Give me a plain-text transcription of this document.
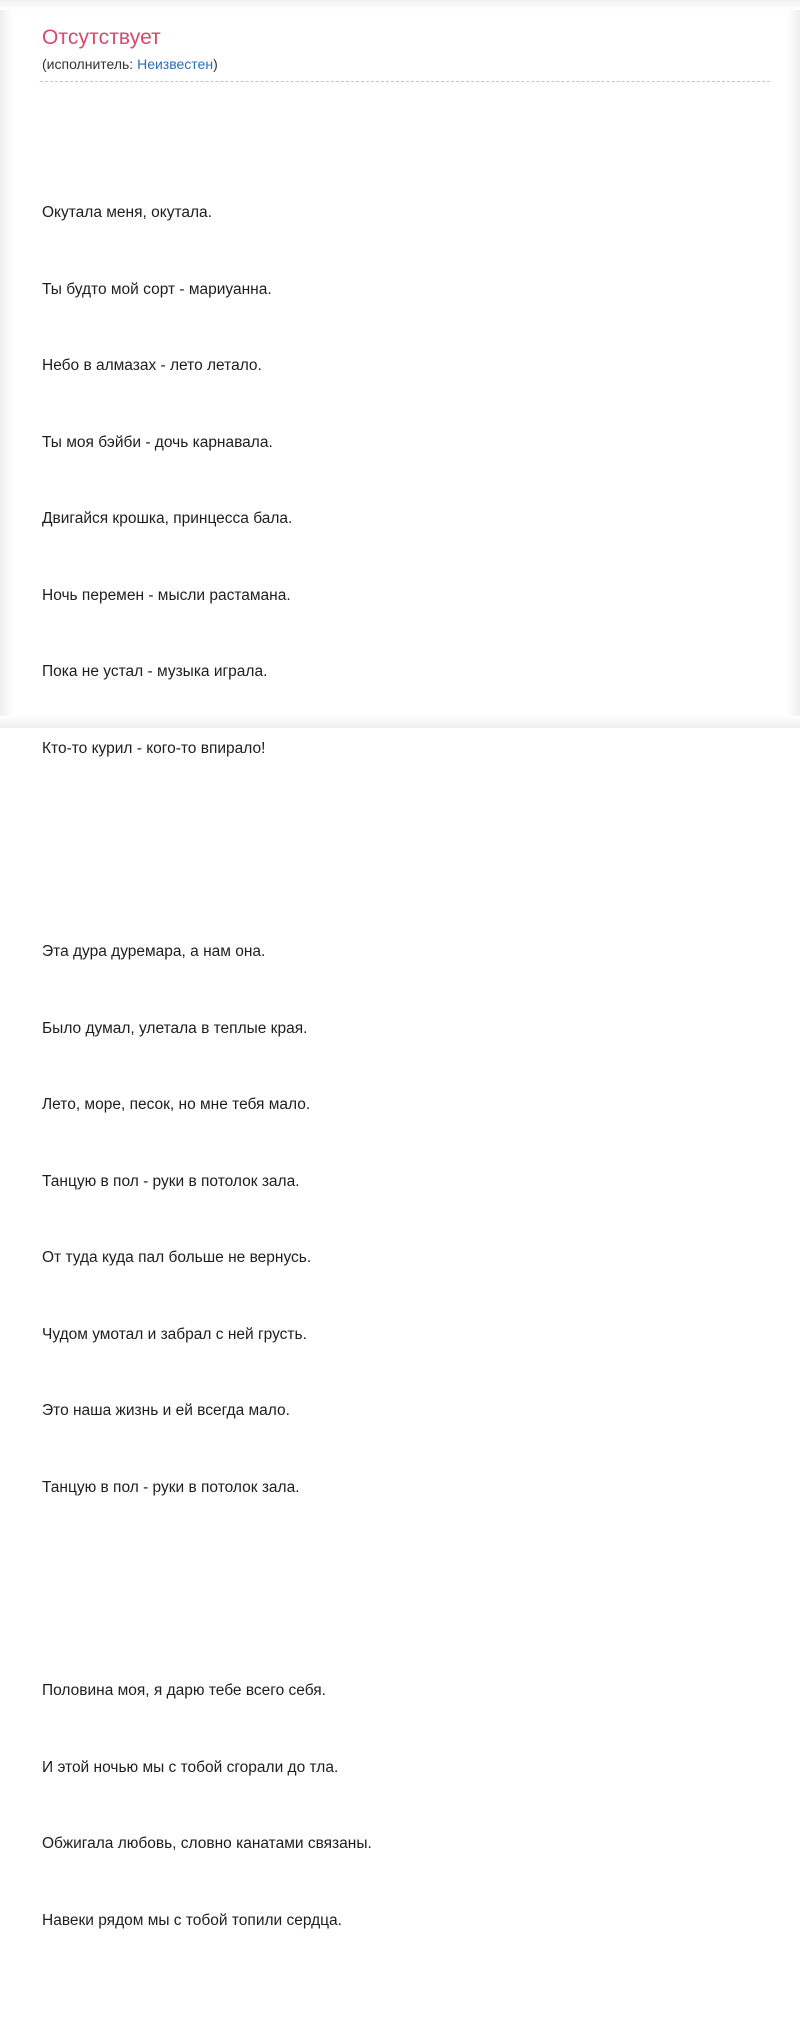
Отсутствует
(исполнитель: Неизвестен)

Окутала меня, окутала.

Ты будто мой сорт - мариуанна.

Небо в алмазах - лето летало.

Ты моя бэйби - дочь карнавала.

Двигайся крошка, принцесса бала.

Ночь перемен - мысли растамана.

Пока не устал - музыка играла.

Кто-то курил - кого-то впирало!

Эта дура дуремара, а нам она.

Было думал, улетала в теплые края.

Лето, море, песок, но мне тебя мало.

Танцую в пол - руки в потолок зала.

От туда куда пал больше не вернусь.

Чудом умотал и забрал с ней грусть.

Это наша жизнь и ей всегда мало.

Танцую в пол - руки в потолок зала.

Половина моя, я дарю тебе всего себя.

И этой ночью мы с тобой сгорали до тла.

Обжигала любовь, словно канатами связаны.

Навеки рядом мы с тобой топили сердца.
